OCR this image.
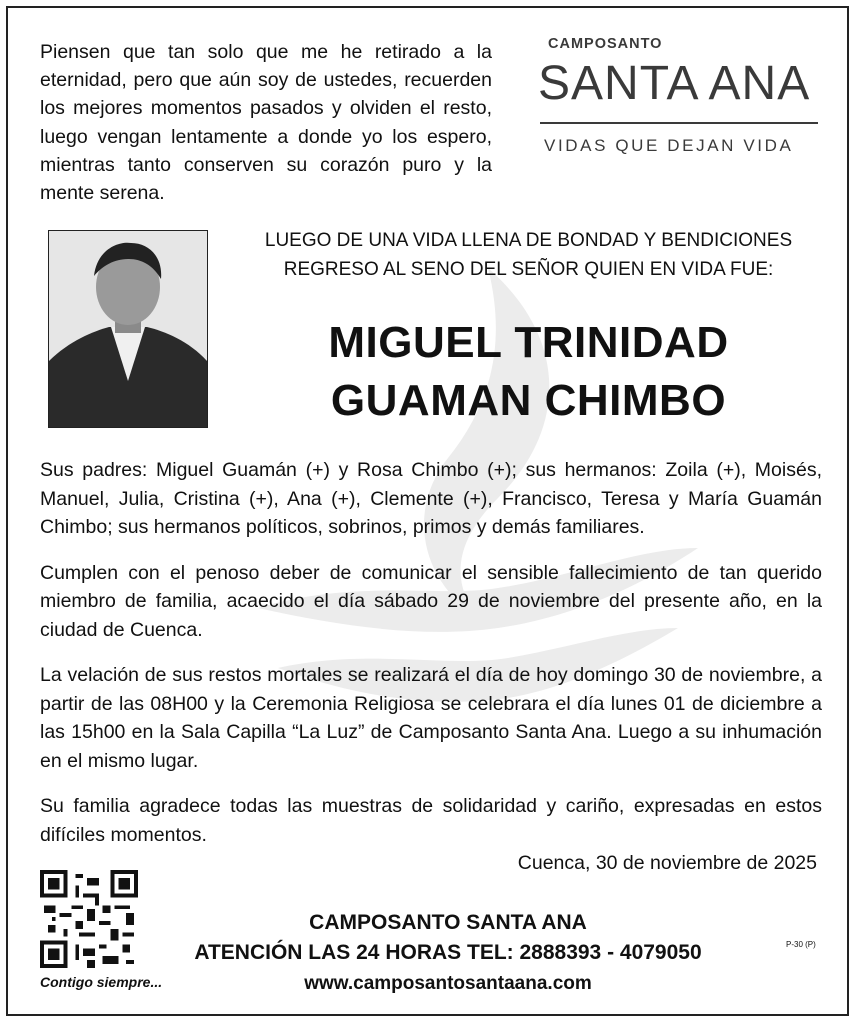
Piensen que tan solo que me he retirado a la eternidad, pero que aún soy de ustedes, recuerden los mejores momentos pasados y olviden el resto, luego vengan lentamente a donde yo los espero, mientras tanto conserven su corazón puro y la mente serena.
CAMPOSANTO
SANTA ANA
VIDAS QUE DEJAN VIDA
LUEGO DE UNA VIDA LLENA DE BONDAD Y BENDICIONES
REGRESO AL SENO DEL SEÑOR QUIEN EN VIDA FUE:
MIGUEL TRINIDAD
GUAMAN CHIMBO

Sus padres: Miguel Guamán (+) y Rosa Chimbo (+); sus hermanos: Zoila (+), Moisés, Manuel, Julia, Cristina (+), Ana (+), Clemente (+), Francisco, Teresa y María Guamán Chimbo; sus hermanos políticos, sobrinos, primos y demás familiares.

Cumplen con el penoso deber de comunicar el sensible fallecimiento de tan querido miembro de familia, acaecido el día sábado 29 de noviembre del presente año, en la ciudad de Cuenca.

La velación de sus restos mortales se realizará el día de hoy domingo 30 de noviembre, a partir de las 08H00 y la Ceremonia Religiosa se celebrara el día lunes 01 de diciembre a las 15h00 en la Sala Capilla “La Luz” de Camposanto Santa Ana. Luego a su inhumación en el mismo lugar.

Su familia agradece todas las muestras de solidaridad y cariño, expresadas en estos difíciles momentos.

Cuenca, 30 de noviembre de 2025
Contigo siempre...
CAMPOSANTO SANTA ANA
ATENCIÓN LAS 24 HORAS TEL: 2888393 - 4079050
www.camposantosantaana.com
P-30 (P)
